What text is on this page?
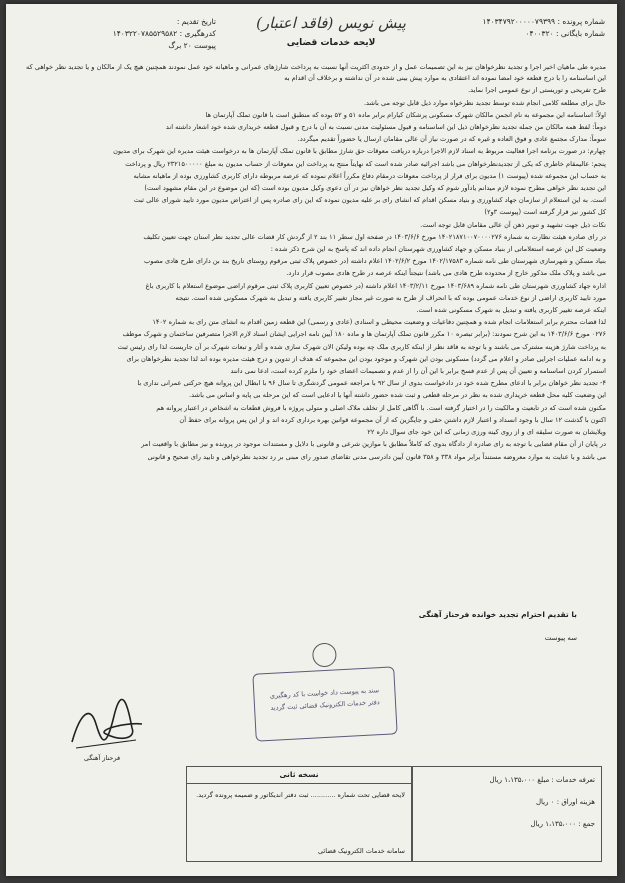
شماره پرونده : ۱۴۰۳۴۷۹۲۰۰۰۰۰۷۹۳۹۹
شماره بایگانی : ۰۴۰۰۳۲۰
پیش نویس (فاقد اعتبار)
لایحه خدمات قضایی
تاریخ تقدیم :
کدرهگیری : ۱۴۰۳۲۲۰۷۸۵۵۲۹۵۸۲
پیوست ۲۰ برگ

مدیره طی ماهیان اخیر اجرا و تجدید نظرخواهان نیز به این تصمیمات عمل و از حدودی اکثریت آنها نسبت به پرداخت شارژهای عمرانی و ماهیانه خود عمل نمودند همچنین هیچ یک از مالکان و یا تجدید نظر خواهی که این اساسنامه را با درج قطعه خود امضا نموده اند اعتقادی به موارد پیش بینی شده در آن نداشته و برخلاف آن اقدام به

طرح تفریحی و توریستی از نوع عمومی اجرا نماید.

حال برای مطلعه کلامی انجام شده توسط تجدید نظرخواه موارد ذیل قابل توجه می باشد.

اولاً: اساسنامه این مجموعه به نام انجمن مالکان شهرک مسکونی پرشکان کیارام برابر ماده ۵۱ و ۵۲ بوده که منطبق است با قانون تملک آپارتمان ها

دوماً: لفظ همه مالکان من جمله تجدید نظرخواهان ذیل این اساسنامه و قبول مسئولیت مدنی نسبت به آن با درج و قبول قطعه خریداری شده خود اشعار داشته اند

سوماً: مدارک مجتمع عادی و فوق العاده و غیره که در صورت نیاز آن عالی مقامان ارسال یا حضوراً تقدیم میگردد.

چهارم: در صورت برنامه اجرا فعالیت مربوط به اسناد لازم الاجرا درباره دریافت معوقات حق شارژ مطابق با قانون تملک آپارتمان ها به درخواست هیئت مدیره این شهرک برای مدیون

پنجم: عالیمقام خاطری که یکی از تجدیدنظرخواهان می باشد اجرائیه صادر شده است که نهایتاً منتج به پرداخت این معوقات از حساب مدیون به مبلغ ۲۳۲۱۵۰۰۰۰۰ ریال و پرداخت

به حساب این مجموعه شده (پیوست ۱) مدیون برای فرار از پرداخت معوقات درمقام دفاع مکرراً اعلام نموده که عرصه مربوطه دارای کاربری کشاورزی بوده از ماهیانه مشابه

این تجدید نظر خواهی مطرح نموده لازم میدانم یادآور شوم که وکیل تجدید نظر خواهان نیز در آن دعوی وکیل مدیون بوده است (که این موضوع در این مقام مشهود است)

است. به این استعلام از سازمان جهاد کشاورزی و بنیاد مسکن اقدام که انشای رای بر علیه مدیون نموده که این رای صادره پس از اعتراض مدیون مورد تایید شورای عالی ثبت

کل کشور نیز قرار گرفته است (پیوست ۳و۲)

نکات ذیل جهت تشهید و تنویر ذهن آن عالی مقامان قابل توجه است.

در رای صادره هیئت نظارت به شماره ۱۴۰۲۱۸۷۱۰۰۷۰۰۰۰۲۷۶ مورخ ۱۴۰۳/۶/۶ در صفحه اول سطر ۱۱ بند ۲ از گردش کار قضات عالی تجدید نظر استان جهت تعیین تکلیف

وضعیت کل این عرصه استعلاماتی از بنیاد مسکن و جهاد کشاورزی شهرستان انجام داده اند که پاسخ به این شرح ذکر شده :

بنیاد مسکن و شهرسازی شهرستان طی نامه شماره ۱۴۰۲/۱۷۵۸۳ مورخ ۱۴۰۲/۶/۲ اعلام داشته (در خصوص پلاک ثبتی مرقوم روستای تاریخ بند بن دارای طرح هادی مصوب

می باشد و پلاک ملک مذکور خارج از محدوده طرح هادی می باشد) نتیجتاً اینکه عرصه در طرح هادی مصوب قرار دارد.

اداره جهاد کشاورزی شهرستان طی نامه شماره ۱۴۰۳/۶۸۹ مورخ ۱۴۰۳/۲/۱۱ اعلام داشته (در خصوص تعیین کاربری پلاک ثبتی مرقوم اراضی موضوع استعلام با کاربری باغ

مورد تایید کاربری اراضی از نوع خدمات عمومی بوده که با انحراف از طرح به صورت غیر مجاز تغییر کاربری یافته و تبدیل به شهرک مسکونی شده است. نتیجه

اینکه عرصه تغییر کاربری یافته و تبدیل به شهرک مسکونی شده است.

لذا قضات محترم برابر استعلامات انجام شده و همچنین دفاعیات و وضعیت محیطی و اسنادی (عادی و رسمی) این قطعه زمین اقدام به انشای متن رای به شماره ۱۴۰۲

۰۲۷۶ مورخ ۱۴۰۳/۶/۶ به این شرح نمودند: (برابر تبصره ۱۰ مکرر قانون تملک آپارتمان ها و ماده ۱۸۰ آیین نامه اجرایی ایشان اسناد لازم الاجرا متصرفین ساختمان و شهرک موظف

به پرداخت شارژ هزینه مشترک می باشند و با توجه به فاقد نظر از اینکه کاربری ملک چه بوده ولیکن الان شهرک سازی شده و آثار و تبعات شهرک بر آن جاریست لذا رای رئیس ثبت

و به ادامه عملیات اجرایی صادر و اعلام می گردد) مسکونی بودن این شهرک و موجود بودن این مجموعه که هدف از تدوین و درج هیئت مدیره بوده اند لذا تجدید نظرخواهان برای

استمرار کردن اساسنامه و تعیین آن پس از عدم فسخ برابر با این آن را از عدم و تصمیمات اعضای خود را ملزم کرده است، ادعا نمی دانند

۴- تجدید نظر خواهان برابر با ادعای مطرح شده خود در دادخواست بدوی از سال ۹۲ با مراجعه عمومی گردشگری تا سال ۹۶ با ابطال این پروانه هیچ حرکتی عمرانی نداری با

این وضعیت کلیه محل قطعه خریداری شده به نظر در مرحله قطعی و ثبت شده حضور داشته آنها یا ادعایی است که این مرحله بی پایه و اساس می باشد.

مکنون شده است که در تابعیت و مالکیت را در اختیار گرفته است. با آگاهی کامل از تخلف ملاک اصلی و متولی پروژه با فروش قطعات به اشخاص در اعتبار پروانه هم

اکنون با گذشت ۱۲ سال با وجود انسداد و اعتبار لازم داشتن حقی و جایگزین که از آن مجموعه قوانین بهره برداری کرده اند و از این پس پروانه برای حفظ آن

ویلایشان به صورت سلیقه ای و از روی کینه ورزی زمانی که این خود جای سوال داره ۲۲

در پایان از آن مقام قضایی با توجه به رای صادره از دادگاه بدوی که کاملاً مطابق با موازین شرعی و قانونی با دلایل و مستندات موجود در پرونده و نیز مطابق با واقعیت امر

می باشد و با عنایت به موارد معروضه مستنداً برابر مواد ۳۳۸ و ۳۵۸ قانون آیین دادرسی مدنی تقاضای صدور رای مبنی بر رد تجدید نظرخواهی و تایید رای صحیح و قانونی

با تقدیم احترام تجدید خوانده فرحناز آهنگی
سه پیوست
سند به پیوست داد خواست با کد رهگیری
دفتر خدمات الکترونیک قضائی ثبت گردید
فرحناز آهنگی
نسخه ثانی
لایحه قضایی تحت شماره ............ ثبت دفتر اندیکاتور و ضمیمه پرونده گردید.
سامانه خدمات الکترونیک قضائی
تعرفه خدمات : مبلغ ۱،۱۳۵،۰۰۰ ریال
هزینه اوراق : ۰ ریال
جمع : ۱،۱۳۵،۰۰۰ ریال
